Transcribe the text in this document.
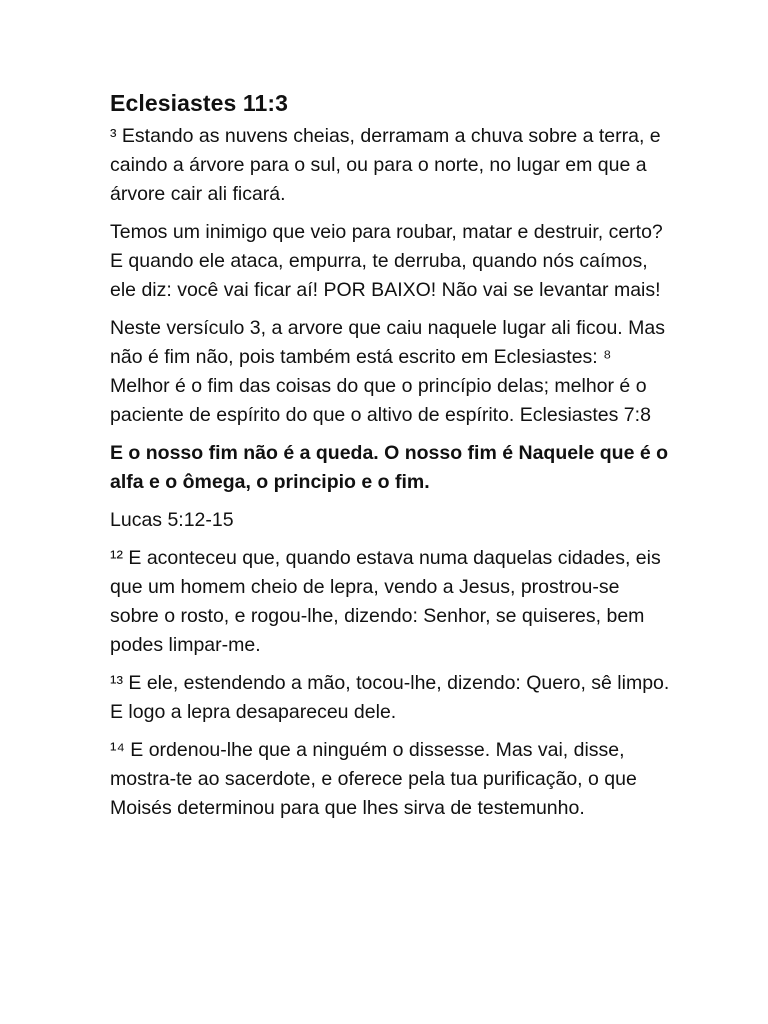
Eclesiastes 11:3

³ Estando as nuvens cheias, derramam a chuva sobre a terra, e caindo a árvore para o sul, ou para o norte, no lugar em que a árvore cair ali ficará.

Temos um inimigo que veio para roubar, matar e destruir, certo? E quando ele ataca, empurra, te derruba, quando nós caímos, ele diz: você vai ficar aí! POR BAIXO! Não vai se levantar mais!

Neste versículo 3, a arvore que caiu naquele lugar ali ficou. Mas não é fim não, pois também está escrito em Eclesiastes: ⁸ Melhor é o fim das coisas do que o princípio delas; melhor é o paciente de espírito do que o altivo de espírito. Eclesiastes 7:8

E o nosso fim não é a queda. O nosso fim é Naquele que é o alfa e o ômega, o principio e o fim.

Lucas 5:12-15

¹² E aconteceu que, quando estava numa daquelas cidades, eis que um homem cheio de lepra, vendo a Jesus, prostrou-se sobre o rosto, e rogou-lhe, dizendo: Senhor, se quiseres, bem podes limpar-me.

¹³ E ele, estendendo a mão, tocou-lhe, dizendo: Quero, sê limpo. E logo a lepra desapareceu dele.

¹⁴ E ordenou-lhe que a ninguém o dissesse. Mas vai, disse, mostra-te ao sacerdote, e oferece pela tua purificação, o que Moisés determinou para que lhes sirva de testemunho.
